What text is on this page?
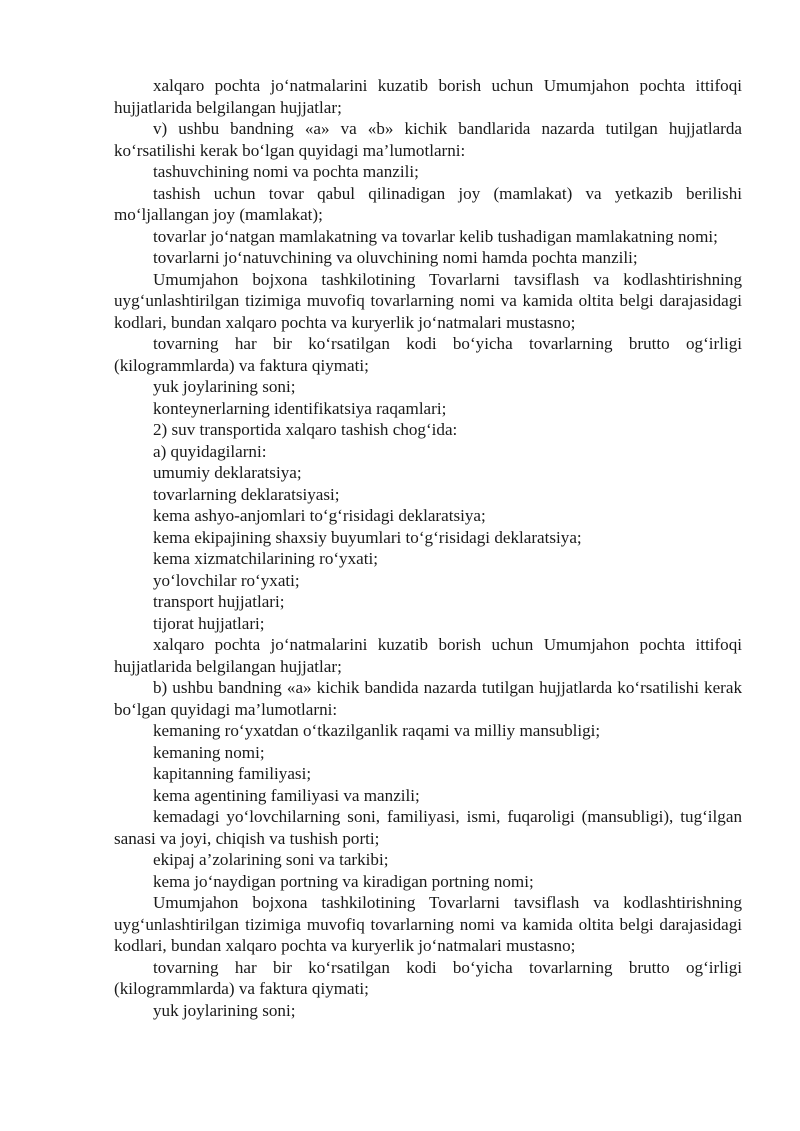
xalqaro pochta jo‘natmalarini kuzatib borish uchun Umumjahon pochta ittifoqi hujjatlarida belgilangan hujjatlar;

v) ushbu bandning «a» va «b» kichik bandlarida nazarda tutilgan hujjatlarda ko‘rsatilishi kerak bo‘lgan quyidagi ma’lumotlarni:

tashuvchining nomi va pochta manzili;

tashish uchun tovar qabul qilinadigan joy (mamlakat) va yetkazib berilishi mo‘ljallangan joy (mamlakat);

tovarlar jo‘natgan mamlakatning va tovarlar kelib tushadigan mamlakatning nomi;

tovarlarni jo‘natuvchining va oluvchining nomi hamda pochta manzili;

Umumjahon bojxona tashkilotining Tovarlarni tavsiflash va kodlashtirishning uyg‘unlashtirilgan tizimiga muvofiq tovarlarning nomi va kamida oltita belgi darajasidagi kodlari, bundan xalqaro pochta va kuryerlik jo‘natmalari mustasno;

tovarning har bir ko‘rsatilgan kodi bo‘yicha tovarlarning brutto og‘irligi (kilogrammlarda) va faktura qiymati;

yuk joylarining soni;

konteynerlarning identifikatsiya raqamlari;

2) suv transportida xalqaro tashish chog‘ida:

a) quyidagilarni:

umumiy deklaratsiya;

tovarlarning deklaratsiyasi;

kema ashyo-anjomlari to‘g‘risidagi deklaratsiya;

kema ekipajining shaxsiy buyumlari to‘g‘risidagi deklaratsiya;

kema xizmatchilarining ro‘yxati;

yo‘lovchilar ro‘yxati;

transport hujjatlari;

tijorat hujjatlari;

xalqaro pochta jo‘natmalarini kuzatib borish uchun Umumjahon pochta ittifoqi hujjatlarida belgilangan hujjatlar;

b) ushbu bandning «a» kichik bandida nazarda tutilgan hujjatlarda ko‘rsatilishi kerak bo‘lgan quyidagi ma’lumotlarni:

kemaning ro‘yxatdan o‘tkazilganlik raqami va milliy mansubligi;

kemaning nomi;

kapitanning familiyasi;

kema agentining familiyasi va manzili;

kemadagi yo‘lovchilarning soni, familiyasi, ismi, fuqaroligi (mansubligi), tug‘ilgan sanasi va joyi, chiqish va tushish porti;

ekipaj a’zolarining soni va tarkibi;

kema jo‘naydigan portning va kiradigan portning nomi;

Umumjahon bojxona tashkilotining Tovarlarni tavsiflash va kodlashtirishning uyg‘unlashtirilgan tizimiga muvofiq tovarlarning nomi va kamida oltita belgi darajasidagi kodlari, bundan xalqaro pochta va kuryerlik jo‘natmalari mustasno;

tovarning har bir ko‘rsatilgan kodi bo‘yicha tovarlarning brutto og‘irligi (kilogrammlarda) va faktura qiymati;

yuk joylarining soni;
